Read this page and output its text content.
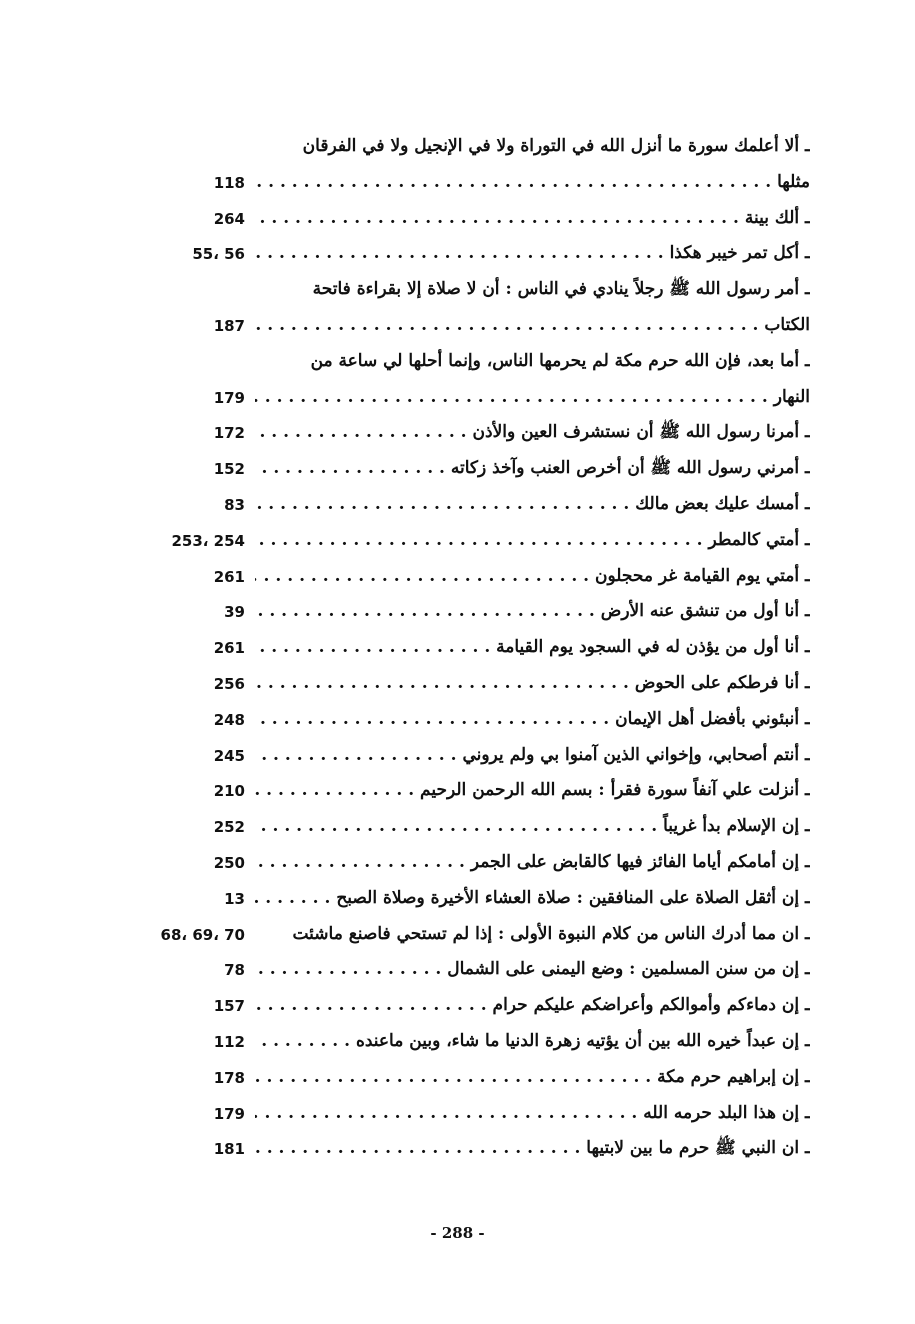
ـ ألا أعلمك سورة ما أنزل الله في التوراة ولا في الإنجيل ولا في الفرقان
مثلها . . .
118
ـ ألك بينة . . .
264
ـ أكل تمر خيبر هكذا . . .
55، 56
ـ أمر رسول الله ﷺ رجلاً ينادي في الناس : أن لا صلاة إلا بقراءة فاتحة
الكتاب . . .
187
ـ أما بعد، فإن الله حرم مكة لم يحرمها الناس، وإنما أحلها لي ساعة من
النهار . . .
179
ـ أمرنا رسول الله ﷺ أن نستشرف العين والأذن . . .
172
ـ أمرني رسول الله ﷺ أن أخرص العنب وآخذ زكاته . . .
152
ـ أمسك عليك بعض مالك . . .
83
ـ أمتي كالمطر . . .
253، 254
ـ أمتي يوم القيامة غر محجلون . . .
261
ـ أنا أول من تنشق عنه الأرض . . .
39
ـ أنا أول من يؤذن له في السجود يوم القيامة . . .
261
ـ أنا فرطكم على الحوض . . .
256
ـ أنبئوني بأفضل أهل الإيمان . . .
248
ـ أنتم أصحابي، وإخواني الذين آمنوا بي ولم يروني . . .
245
ـ أنزلت علي آنفاً سورة فقرأ : بسم الله الرحمن الرحيم . . .
210
ـ إن الإسلام بدأ غريباً . . .
252
ـ إن أمامكم أياما الفائز فيها كالقابض على الجمر . . .
250
ـ إن أثقل الصلاة على المنافقين : صلاة العشاء الأخيرة وصلاة الصبح . . .
13
ـ ان مما أدرك الناس من كلام النبوة الأولى : إذا لم تستحي فاصنع ماشئت
68، 69، 70
ـ إن من سنن المسلمين : وضع اليمنى على الشمال . . .
78
ـ إن دماءكم وأموالكم وأعراضكم عليكم حرام . . .
157
ـ إن عبداً خيره الله بين أن يؤتيه زهرة الدنيا ما شاء، وبين ماعنده . . .
112
ـ إن إبراهيم حرم مكة . . .
178
ـ إن هذا البلد حرمه الله . . .
179
ـ ان النبي ﷺ حرم ما بين لابتيها . . .
181
- 288 -
